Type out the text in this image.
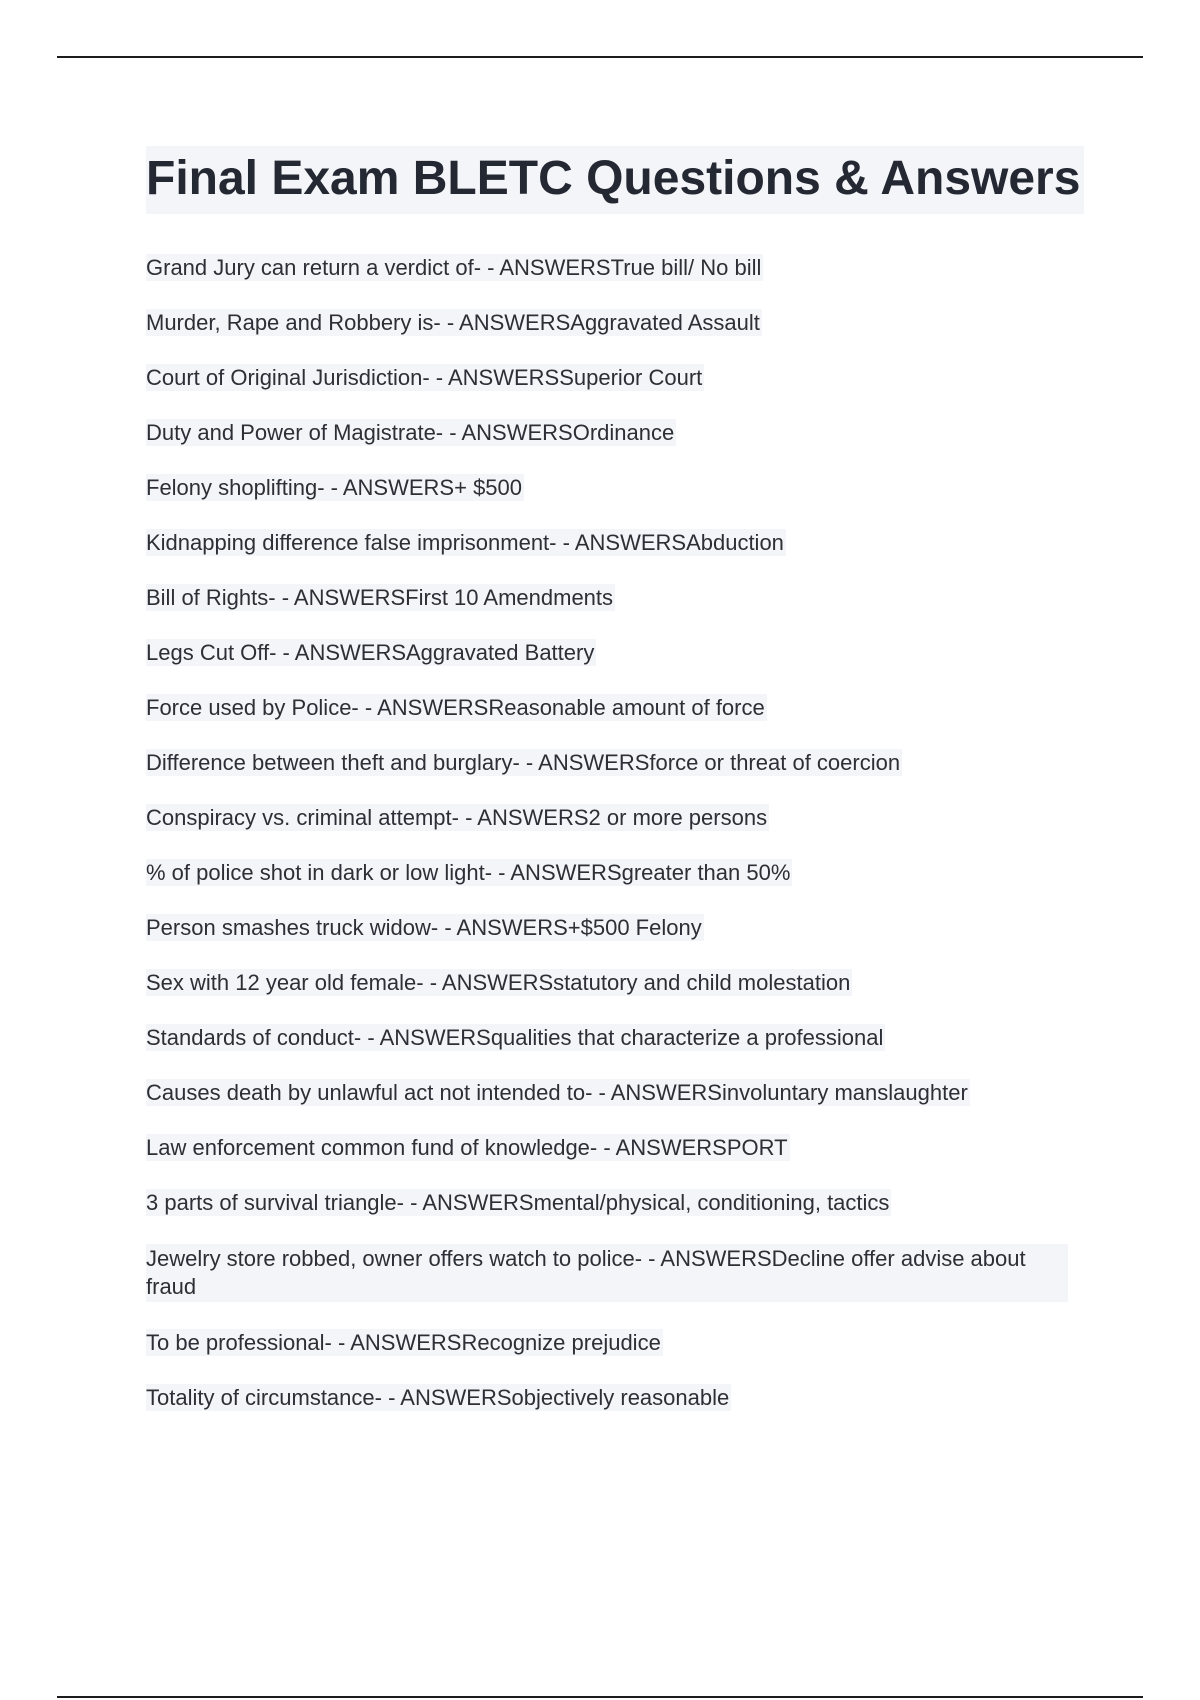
Final Exam BLETC Questions & Answers
Grand Jury can return a verdict of- - ANSWERSTrue bill/ No bill
Murder, Rape and Robbery is- - ANSWERSAggravated Assault
Court of Original Jurisdiction- - ANSWERSSuperior Court
Duty and Power of Magistrate- - ANSWERSOrdinance
Felony shoplifting- - ANSWERS+ $500
Kidnapping difference false imprisonment- - ANSWERSAbduction
Bill of Rights- - ANSWERSFirst 10 Amendments
Legs Cut Off- - ANSWERSAggravated Battery
Force used by Police- - ANSWERSReasonable amount of force
Difference between theft and burglary- - ANSWERSforce or threat of coercion
Conspiracy vs. criminal attempt- - ANSWERS2 or more persons
% of police shot in dark or low light- - ANSWERSgreater than 50%
Person smashes truck widow- - ANSWERS+$500 Felony
Sex with 12 year old female- - ANSWERSstatutory and child molestation
Standards of conduct- - ANSWERSqualities that characterize a professional
Causes death by unlawful act not intended to- - ANSWERSinvoluntary manslaughter
Law enforcement common fund of knowledge- - ANSWERSPORT
3 parts of survival triangle- - ANSWERSmental/physical, conditioning, tactics
Jewelry store robbed, owner offers watch to police- - ANSWERSDecline offer advise about fraud
To be professional- - ANSWERSRecognize prejudice
Totality of circumstance- - ANSWERSobjectively reasonable
